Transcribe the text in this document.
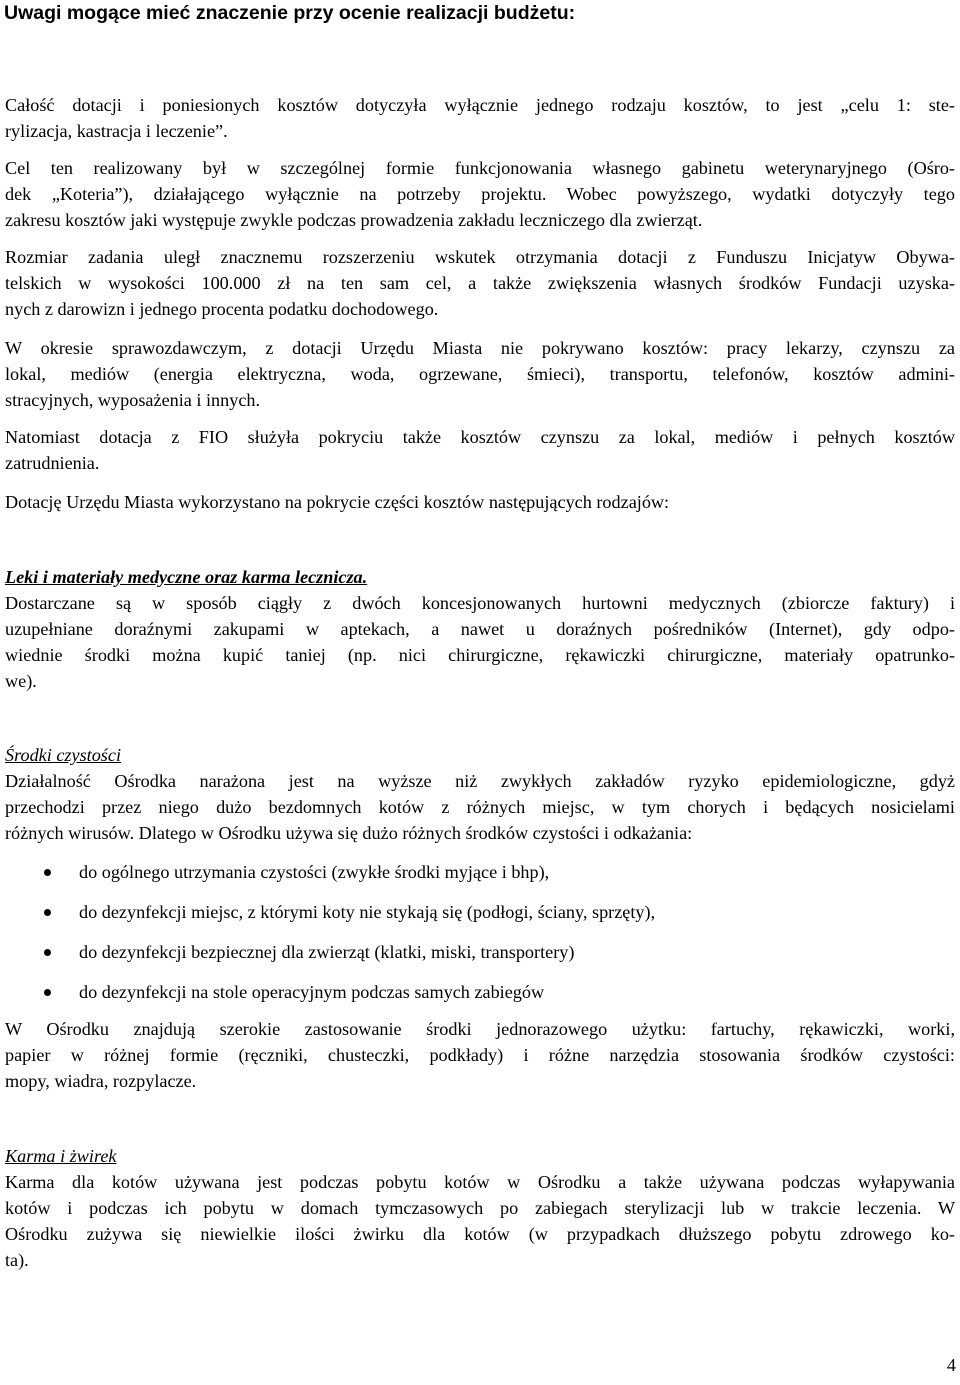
Uwagi mogące mieć znaczenie przy ocenie realizacji budżetu:

Całość dotacji i poniesionych kosztów dotyczyła wyłącznie jednego rodzaju kosztów, to jest „celu 1: ste-

rylizacja, kastracja i leczenie”.

Cel ten realizowany był w szczególnej formie funkcjonowania własnego gabinetu weterynaryjnego (Ośro-

dek „Koteria”), działającego wyłącznie na potrzeby projektu. Wobec powyższego, wydatki dotyczyły tego

zakresu kosztów jaki występuje zwykle podczas prowadzenia zakładu leczniczego dla zwierząt.

Rozmiar zadania uległ znacznemu rozszerzeniu wskutek otrzymania dotacji z Funduszu Inicjatyw Obywa-

telskich w wysokości 100.000 zł na ten sam cel, a także zwiększenia własnych środków Fundacji uzyska-

nych z darowizn i jednego procenta podatku dochodowego.

W okresie sprawozdawczym, z dotacji Urzędu Miasta nie pokrywano kosztów: pracy lekarzy, czynszu za

lokal, mediów (energia elektryczna, woda, ogrzewane, śmieci), transportu, telefonów, kosztów admini-

stracyjnych, wyposażenia i innych.

Natomiast dotacja z FIO służyła pokryciu także kosztów czynszu za lokal, mediów i pełnych kosztów

zatrudnienia.

Dotację Urzędu Miasta wykorzystano na pokrycie części kosztów następujących rodzajów:

Leki i materiały medyczne oraz karma lecznicza.

Dostarczane są w sposób ciągły z dwóch koncesjonowanych hurtowni medycznych (zbiorcze faktury) i

uzupełniane doraźnymi zakupami w aptekach, a nawet u doraźnych pośredników (Internet), gdy odpo-

wiednie środki można kupić taniej (np. nici chirurgiczne, rękawiczki chirurgiczne, materiały opatrunko-

we).

Środki czystości

Działalność Ośrodka narażona jest na wyższe niż zwykłych zakładów ryzyko epidemiologiczne, gdyż

przechodzi przez niego dużo bezdomnych kotów z różnych miejsc, w tym chorych i będących nosicielami

różnych wirusów. Dlatego w Ośrodku używa się dużo różnych środków czystości i odkażania:

do ogólnego utrzymania czystości (zwykłe środki myjące i bhp),

do dezynfekcji miejsc, z którymi koty nie stykają się (podłogi, ściany, sprzęty),

do dezynfekcji bezpiecznej dla zwierząt (klatki, miski, transportery)

do dezynfekcji na stole operacyjnym podczas samych zabiegów

W Ośrodku znajdują szerokie zastosowanie środki jednorazowego użytku: fartuchy, rękawiczki, worki,

papier w różnej formie (ręczniki, chusteczki, podkłady) i różne narzędzia stosowania środków czystości:

mopy, wiadra, rozpylacze.

Karma i żwirek

Karma dla kotów używana jest podczas pobytu kotów w Ośrodku a także używana podczas wyłapywania

kotów i podczas ich pobytu w domach tymczasowych po zabiegach sterylizacji lub w trakcie leczenia. W

Ośrodku zużywa się niewielkie ilości żwirku dla kotów (w przypadkach dłuższego pobytu zdrowego ko-

ta).

4
